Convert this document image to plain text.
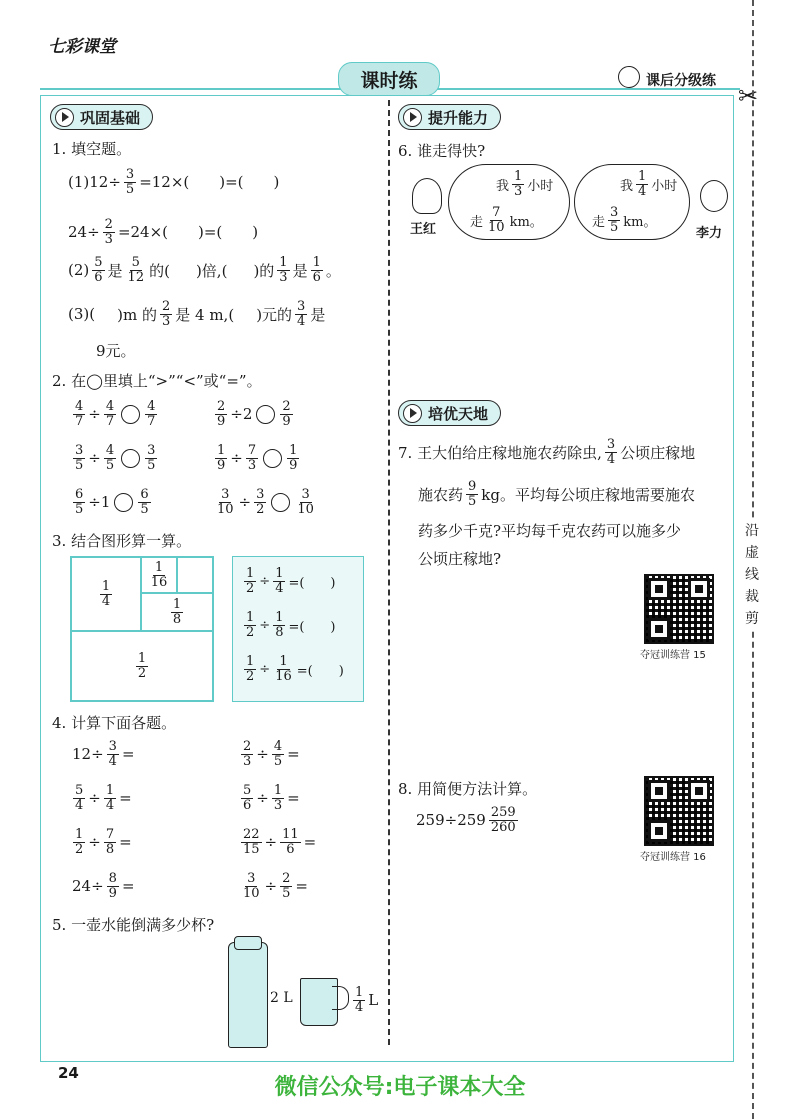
七彩课堂
课时练	课后分级练
✂
巩固基础	提升能力
培优天地
1. 填空题。
$(1)12\div \frac{3}{5} =12\times$( )=( )
$24\div \frac{2}{3} =24\times$( )=( )
$(2) \frac{5}{6}$ 是 $\frac{5}{12}$ 的( )倍,( )的 $\frac{1}{3}$ 是 $\frac{1}{6}$ 。
(3)( )m 的 $\frac{2}{3}$ 是 4 m,( )元的 $\frac{3}{4}$ 是
9元。
2. 在◯里填上“>”“<”或“=”。
$\frac{4}{7} \div \frac{4}{7} \frac{4}{7}$	$\frac{2}{9} \div 2 \frac{2}{9}$
$\frac{3}{5} \div \frac{4}{5} \frac{3}{5}$	$\frac{1}{9} \div \frac{7}{3} \frac{1}{9}$
$\frac{6}{5} \div 1 \frac{6}{5}$	$\frac{3}{10} \div \frac{3}{2} \frac{3}{10}$
3. 结合图形算一算。
$\frac{1}{4}$
$\frac{1}{16}$
$\frac{1}{8}$
$\frac{1}{2}$
$\frac{1}{2} \div \frac{1}{4}$ =(　　)
$\frac{1}{2} \div \frac{1}{8}$ =(　　)
$\frac{1}{2} \div \frac{1}{16}$ =(　　)
4. 计算下面各题。
$12\div \frac{3}{4}$ =	$\frac{2}{3} \div \frac{4}{5}$ =
$\frac{5}{4} \div \frac{1}{4}$ =	$\frac{5}{6} \div \frac{1}{3}$ =
$\frac{1}{2} \div \frac{7}{8}$ =	$\frac{22}{15} \div \frac{11}{6}$ =
$24\div \frac{8}{9}$ =	$\frac{3}{10} \div \frac{2}{5}$ =
5. 一壶水能倒满多少杯?
2 L	$\frac{1}{4}$ L
6. 谁走得快?
王红
我 $\frac{1}{3}$ 小时
走 $\frac{7}{10}$ km。
我 $\frac{1}{4}$ 小时
走 $\frac{3}{5}$ km。
李力
7. 王大伯给庄稼地施农药除虫, $\frac{3}{4}$ 公顷庄稼地
施农药 $\frac{9}{5}$ kg。平均每公顷庄稼地需要施农
药多少千克?平均每千克农药可以施多少
公顷庄稼地?
夺冠训练营 15
8. 用简便方法计算。
$259\div 259 \frac{259}{260}$
夺冠训练营 16
沿
虚
线
裁
剪
24
微信公众号:电子课本大全
